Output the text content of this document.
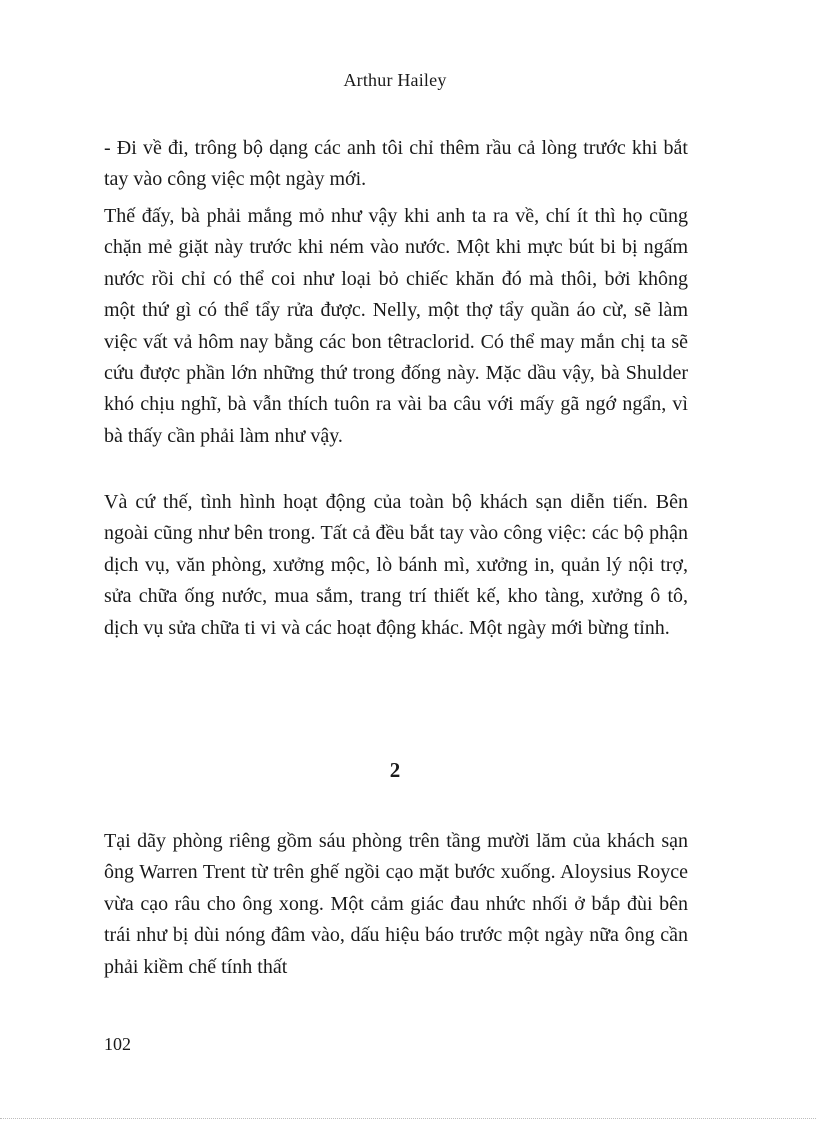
Arthur Hailey

- Đi về đi, trông bộ dạng các anh tôi chỉ thêm rầu cả lòng trước khi bắt tay vào công việc một ngày mới.

Thế đấy, bà phải mắng mỏ như vậy khi anh ta ra về, chí ít thì họ cũng chặn mẻ giặt này trước khi ném vào nước. Một khi mực bút bi bị ngấm nước rồi chỉ có thể coi như loại bỏ chiếc khăn đó mà thôi, bởi không một thứ gì có thể tẩy rửa được. Nelly, một thợ tẩy quần áo cừ, sẽ làm việc vất vả hôm nay bằng các bon têtraclorid. Có thể may mắn chị ta sẽ cứu được phần lớn những thứ trong đống này. Mặc dầu vậy, bà Shulder khó chịu nghĩ, bà vẫn thích tuôn ra vài ba câu với mấy gã ngớ ngẩn, vì bà thấy cần phải làm như vậy.

Và cứ thế, tình hình hoạt động của toàn bộ khách sạn diễn tiến. Bên ngoài cũng như bên trong. Tất cả đều bắt tay vào công việc: các bộ phận dịch vụ, văn phòng, xưởng mộc, lò bánh mì, xưởng in, quản lý nội trợ, sửa chữa ống nước, mua sắm, trang trí thiết kế, kho tàng, xưởng ô tô, dịch vụ sửa chữa ti vi và các hoạt động khác. Một ngày mới bừng tỉnh.

2

Tại dãy phòng riêng gồm sáu phòng trên tầng mười lăm của khách sạn ông Warren Trent từ trên ghế ngồi cạo mặt bước xuống. Aloysius Royce vừa cạo râu cho ông xong. Một cảm giác đau nhức nhối ở bắp đùi bên trái như bị dùi nóng đâm vào, dấu hiệu báo trước một ngày nữa ông cần phải kiềm chế tính thất

102
